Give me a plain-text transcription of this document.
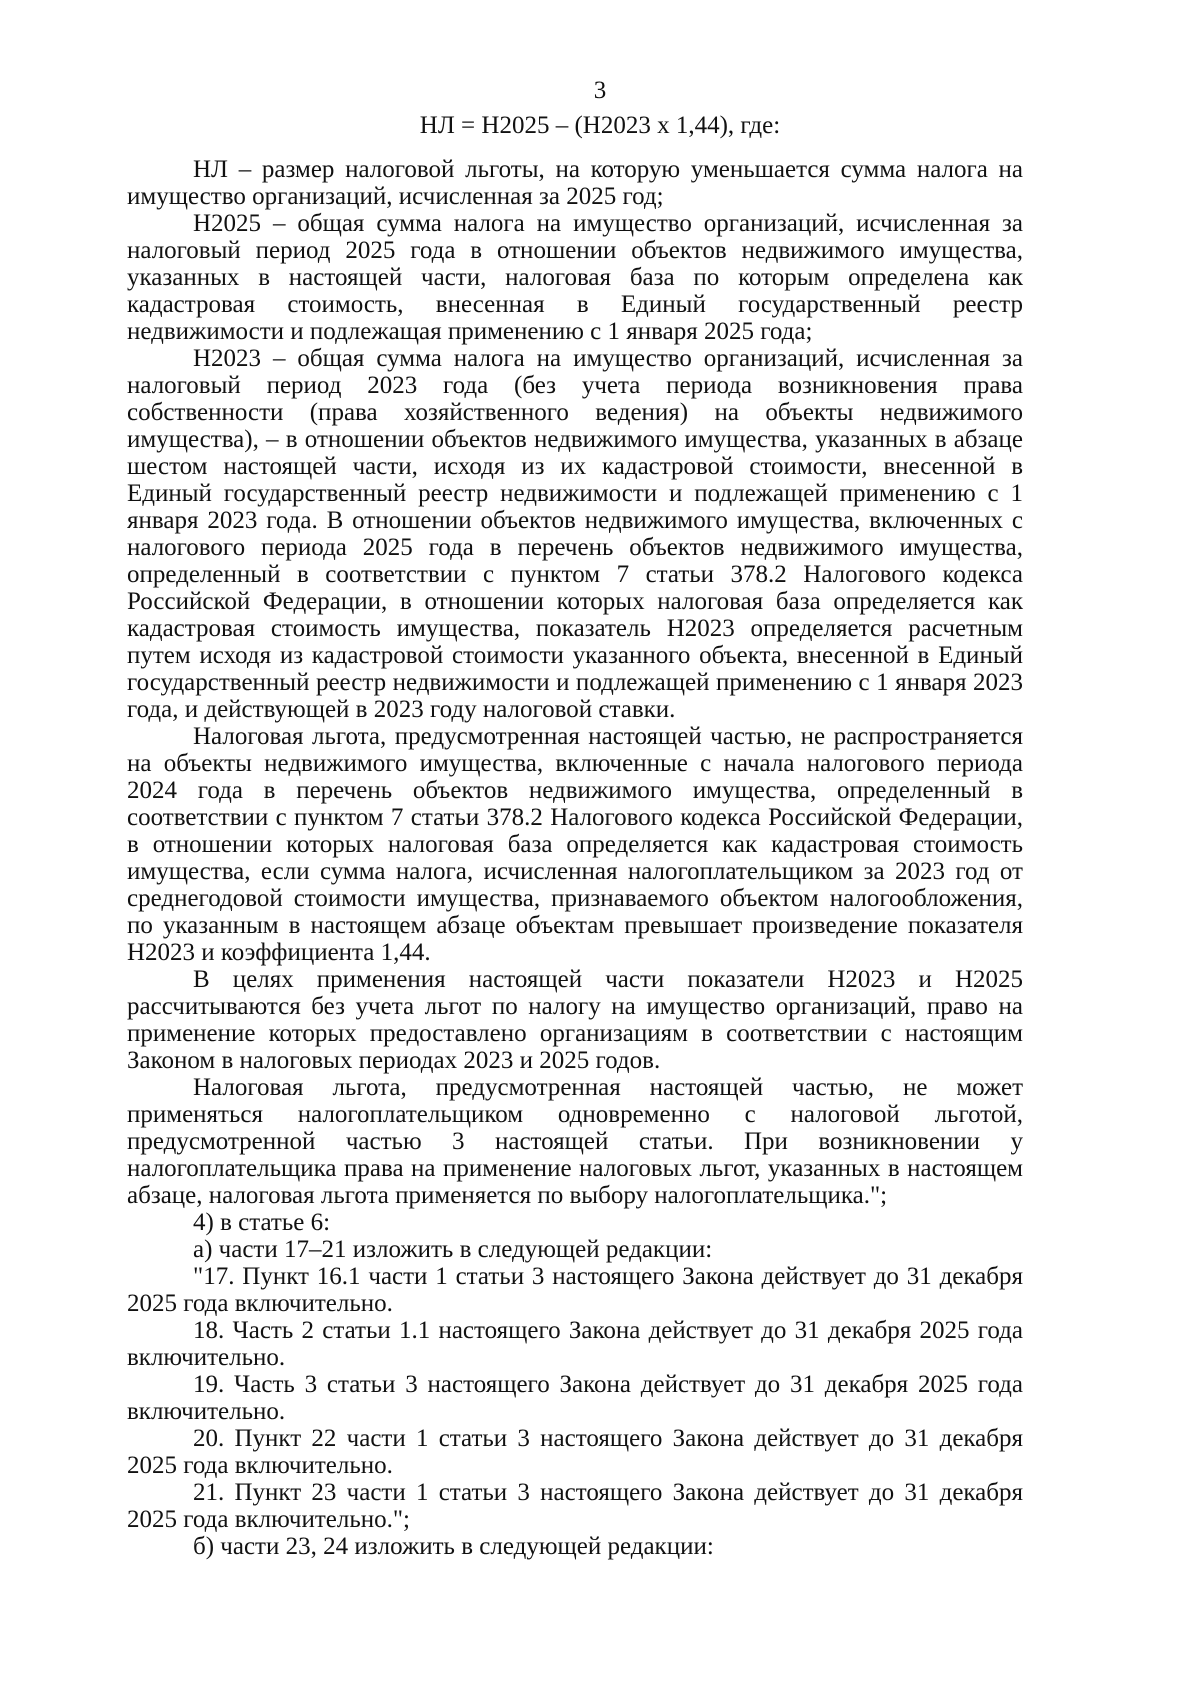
3
НЛ = Н2025 – (Н2023 x 1,44), где:

НЛ – размер налоговой льготы, на которую уменьшается сумма налога на имущество организаций, исчисленная за 2025 год;

Н2025 – общая сумма налога на имущество организаций, исчисленная за налоговый период 2025 года в отношении объектов недвижимого имущества, указанных в настоящей части, налоговая база по которым определена как кадастровая стоимость, внесенная в Единый государственный реестр недвижимости и подлежащая применению с 1 января 2025 года;

Н2023 – общая сумма налога на имущество организаций, исчисленная за налоговый период 2023 года (без учета периода возникновения права собственности (права хозяйственного ведения) на объекты недвижимого имущества), – в отношении объектов недвижимого имущества, указанных в абзаце шестом настоящей части, исходя из их кадастровой стоимости, внесенной в Единый государственный реестр недвижимости и подлежащей применению с 1 января 2023 года. В отношении объектов недвижимого имущества, включенных с налогового периода 2025 года в перечень объектов недвижимого имущества, определенный в соответствии с пунктом 7 статьи 378.2 Налогового кодекса Российской Федерации, в отношении которых налоговая база определяется как кадастровая стоимость имущества, показатель Н2023 определяется расчетным путем исходя из кадастровой стоимости указанного объекта, внесенной в Единый государственный реестр недвижимости и подлежащей применению с 1 января 2023 года, и действующей в 2023 году налоговой ставки.

Налоговая льгота, предусмотренная настоящей частью, не распространяется на объекты недвижимого имущества, включенные с начала налогового периода 2024 года в перечень объектов недвижимого имущества, определенный в соответствии с пунктом 7 статьи 378.2 Налогового кодекса Российской Федерации, в отношении которых налоговая база определяется как кадастровая стоимость имущества, если сумма налога, исчисленная налогоплательщиком за 2023 год от среднегодовой стоимости имущества, признаваемого объектом налогообложения, по указанным в настоящем абзаце объектам превышает произведение показателя Н2023 и коэффициента 1,44.

В целях применения настоящей части показатели Н2023 и Н2025 рассчитываются без учета льгот по налогу на имущество организаций, право на применение которых предоставлено организациям в соответствии с настоящим Законом в налоговых периодах 2023 и 2025 годов.

Налоговая льгота, предусмотренная настоящей частью, не может применяться налогоплательщиком одновременно с налоговой льготой, предусмотренной частью 3 настоящей статьи. При возникновении у налогоплательщика права на применение налоговых льгот, указанных в настоящем абзаце, налоговая льгота применяется по выбору налогоплательщика.";

4) в статье 6:

а) части 17–21 изложить в следующей редакции:

"17. Пункт 16.1 части 1 статьи 3 настоящего Закона действует до 31 декабря 2025 года включительно.

18. Часть 2 статьи 1.1 настоящего Закона действует до 31 декабря 2025 года включительно.

19. Часть 3 статьи 3 настоящего Закона действует до 31 декабря 2025 года включительно.

20. Пункт 22 части 1 статьи 3 настоящего Закона действует до 31 декабря 2025 года включительно.

21. Пункт 23 части 1 статьи 3 настоящего Закона действует до 31 декабря 2025 года включительно.";

б) части 23, 24 изложить в следующей редакции:
